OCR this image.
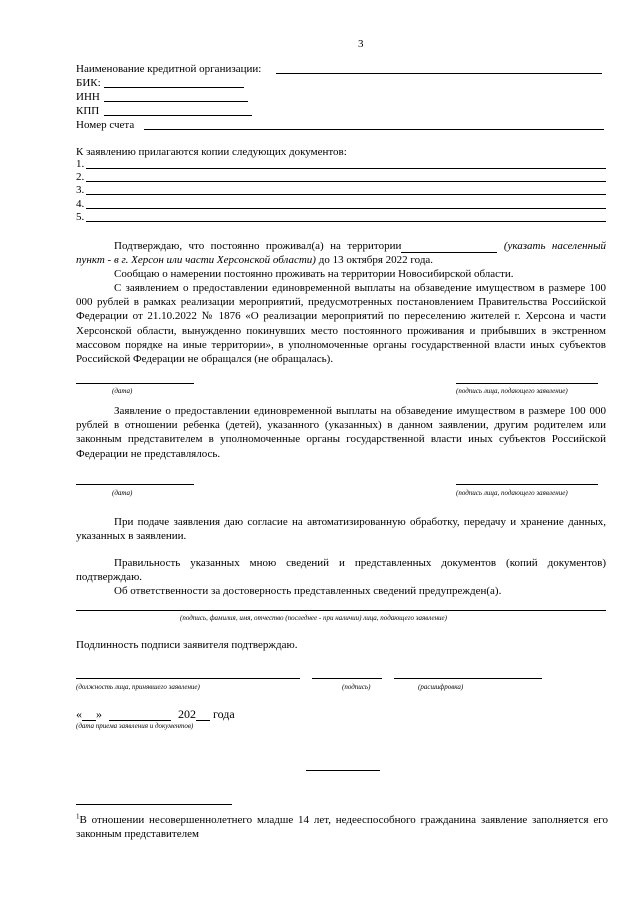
3
Наименование кредитной организации:
БИК:
ИНН
КПП
Номер счета
К заявлению прилагаются копии следующих документов:
1.
2.
3.
4.
5.
Подтверждаю, что постоянно проживал(а) на территории	(указать населенный пункт - в г. Херсон или части Херсонской области) до 13 октября 2022 года.
Сообщаю о намерении постоянно проживать на территории Новосибирской области.
С заявлением о предоставлении единовременной выплаты на обзаведение имуществом в размере 100 000 рублей в рамках реализации мероприятий, предусмотренных постановлением Правительства Российской Федерации от 21.10.2022 № 1876 «О реализации мероприятий по переселению жителей г. Херсона и части Херсонской области, вынужденно покинувших место постоянного проживания и прибывших в экстренном массовом порядке на иные территории», в уполномоченные органы государственной власти иных субъектов Российской Федерации не обращался (не обращалась).
(дата)	(подпись лица, подающего заявление)
Заявление о предоставлении единовременной выплаты на обзаведение имуществом в размере 100 000 рублей в отношении ребенка (детей), указанного (указанных) в данном заявлении, другим родителем или законным представителем в уполномоченные органы государственной власти иных субъектов Российской Федерации не представлялось.
(дата)	(подпись лица, подающего заявление)
При подаче заявления даю согласие на автоматизированную обработку, передачу и хранение данных, указанных в заявлении.
Правильность указанных мною сведений и представленных документов (копий документов) подтверждаю.
Об ответственности за достоверность представленных сведений предупрежден(а).
(подпись, фамилия, имя, отчество (последнее - при наличии) лица, подающего заявление)
Подлинность подписи заявителя подтверждаю.
(должность лица, принявшего заявление)	(подпись)	(расшифровка)
« »	202 года
(дата приема заявления и документов)
$^1$В отношении несовершеннолетнего младше 14 лет, недееспособного гражданина заявление заполняется его законным представителем
